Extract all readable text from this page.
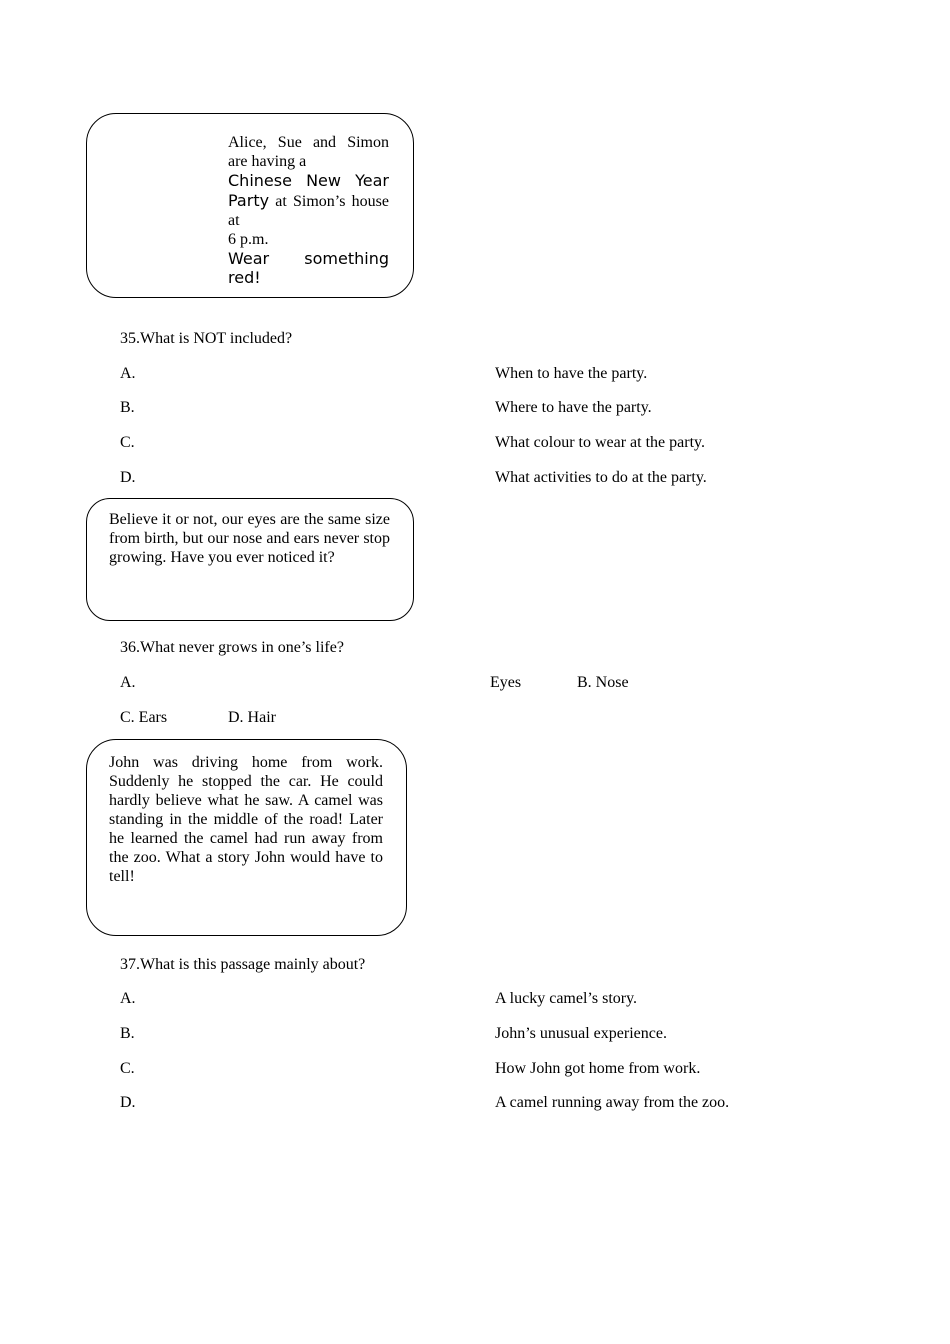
Alice, Sue and Simon are having a
Chinese New Year Party at Simon’s house at
6 p.m.
Wear something red!
35.What is NOT included?
A.	When to have the party.
B.	Where to have the party.
C.	What colour to wear at the party.
D.	What activities to do at the party.
Believe it or not, our eyes are the same size from birth, but our nose and ears never stop growing. Have you ever noticed it?
36.What never grows in one’s life?
A.	Eyes	B. Nose
C. Ears	D. Hair
John was driving home from work. Suddenly he stopped the car. He could hardly believe what he saw. A camel was standing in the middle of the road! Later he learned the camel had run away from the zoo. What a story John would have to tell!
37.What is this passage mainly about?
A.	A lucky camel’s story.
B.	John’s unusual experience.
C.	How John got home from work.
D.	A camel running away from the zoo.
